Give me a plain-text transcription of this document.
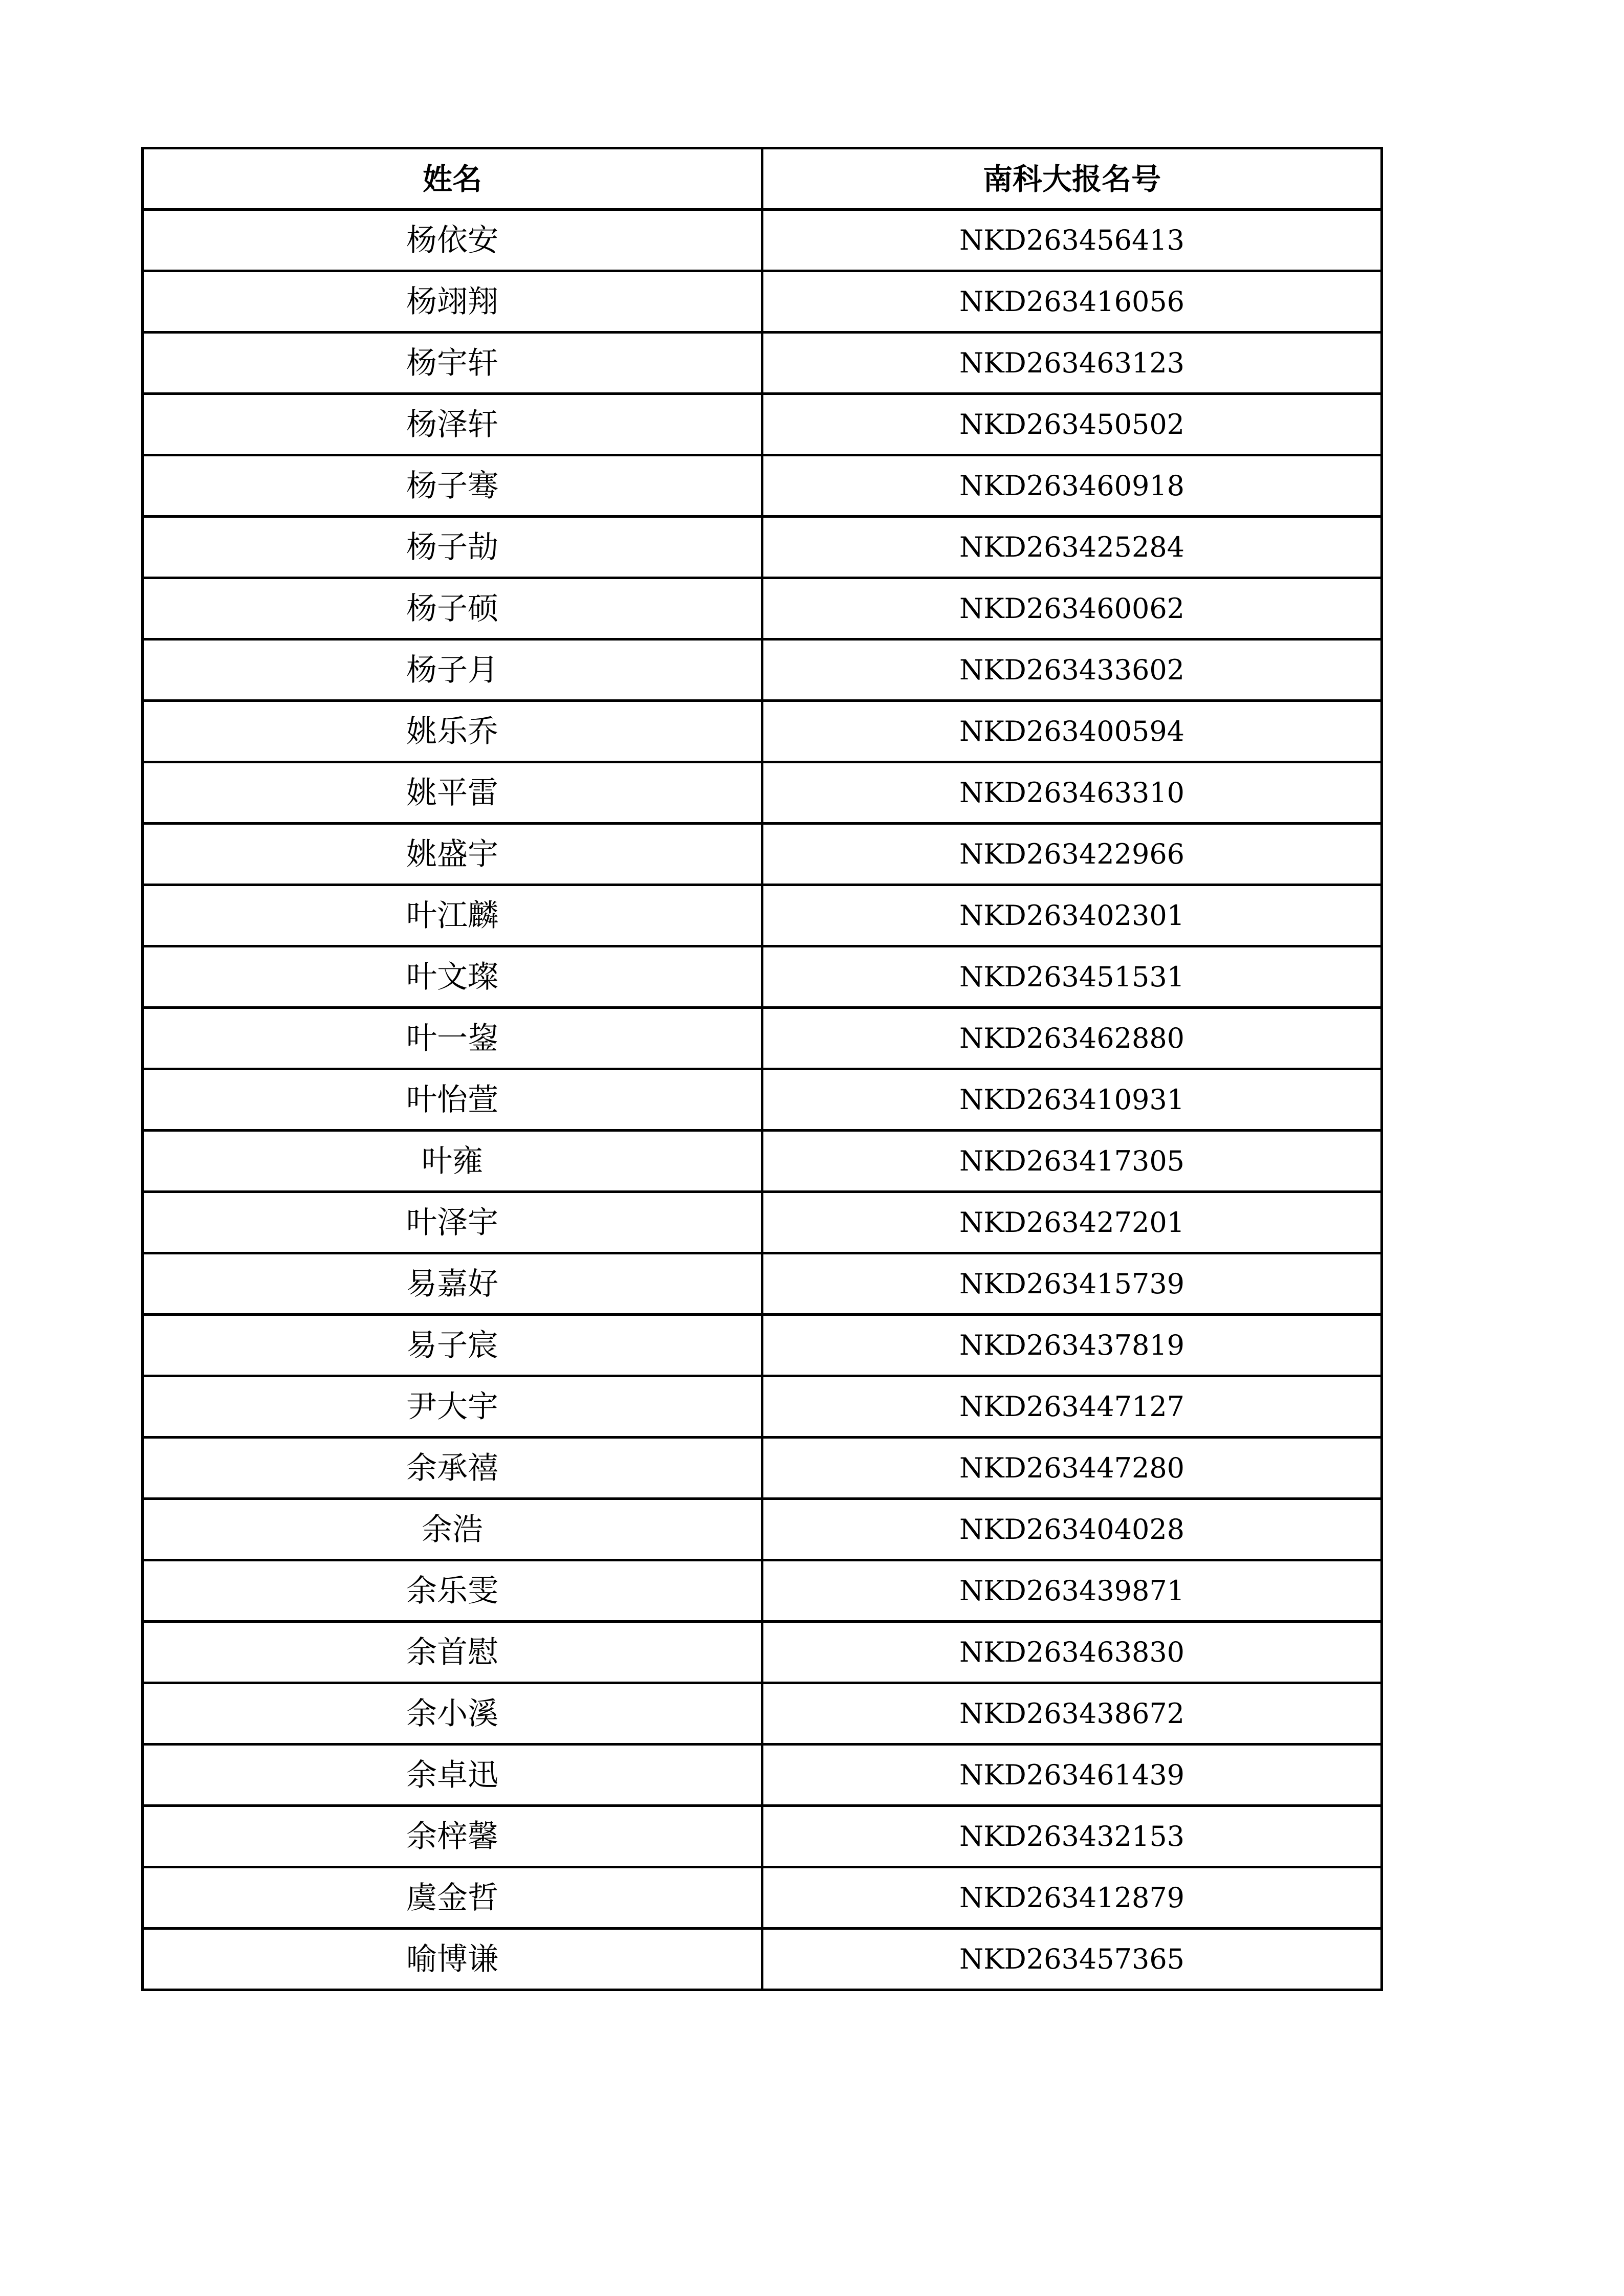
姓名	南科大报名号
杨依安	NKD263456413
杨翊翔	NKD263416056
杨宇轩	NKD263463123
杨泽轩	NKD263450502
杨子骞	NKD263460918
杨子劼	NKD263425284
杨子硕	NKD263460062
杨子月	NKD263433602
姚乐乔	NKD263400594
姚平雷	NKD263463310
姚盛宇	NKD263422966
叶江麟	NKD263402301
叶文璨	NKD263451531
叶一鋆	NKD263462880
叶怡萱	NKD263410931
叶雍	NKD263417305
叶泽宇	NKD263427201
易嘉好	NKD263415739
易子宸	NKD263437819
尹大宇	NKD263447127
余承禧	NKD263447280
余浩	NKD263404028
余乐雯	NKD263439871
余首慰	NKD263463830
余小溪	NKD263438672
余卓迅	NKD263461439
余梓馨	NKD263432153
虞金哲	NKD263412879
喻博谦	NKD263457365
